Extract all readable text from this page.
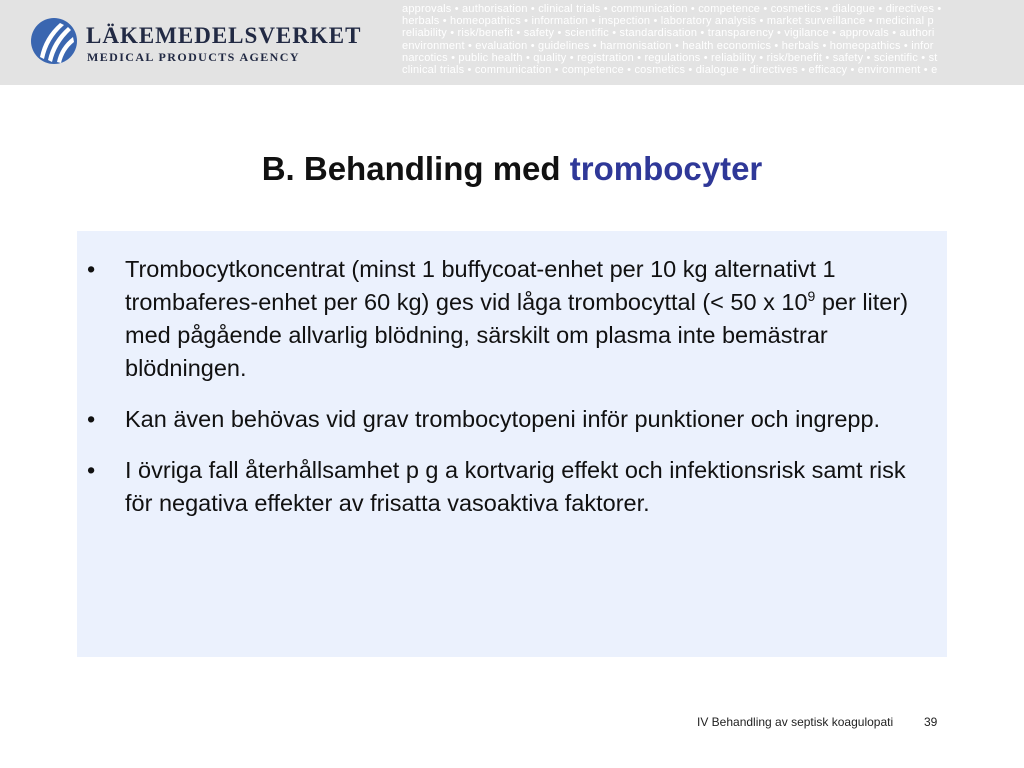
LÄKEMEDELSVERKET
MEDICAL PRODUCTS AGENCY
approvals • authorisation • clinical trials • communication • competence • cosmetics • dialogue • directives •
herbals • homeopathics • information • inspection • laboratory analysis • market surveillance • medicinal p
reliability • risk/benefit • safety • scientific • standardisation • transparency • vigilance • approvals • authori
environment • evaluation • guidelines • harmonisation • health economics • herbals • homeopathics • infor
narcotics • public health • quality • registration • regulations • reliability • risk/benefit • safety • scientific • st
clinical trials • communication • competence • cosmetics • dialogue • directives • efficacy • environment • e
B. Behandling med trombocyter
• Trombocytkoncentrat (minst 1 buffycoat-enhet per 10 kg alternativt 1 trombaferes-enhet per 60 kg) ges vid låga trombocyttal (< 50 x $10^9$ per liter) med pågående allvarlig blödning, särskilt om plasma inte bemästrar blödningen.
• Kan även behövas vid grav trombocytopeni inför punktioner och ingrepp.
• I övriga fall återhållsamhet p g a kortvarig effekt och infektionsrisk samt risk för negativa effekter av frisatta vasoaktiva faktorer.
IV Behandling av septisk koagulopati	39
